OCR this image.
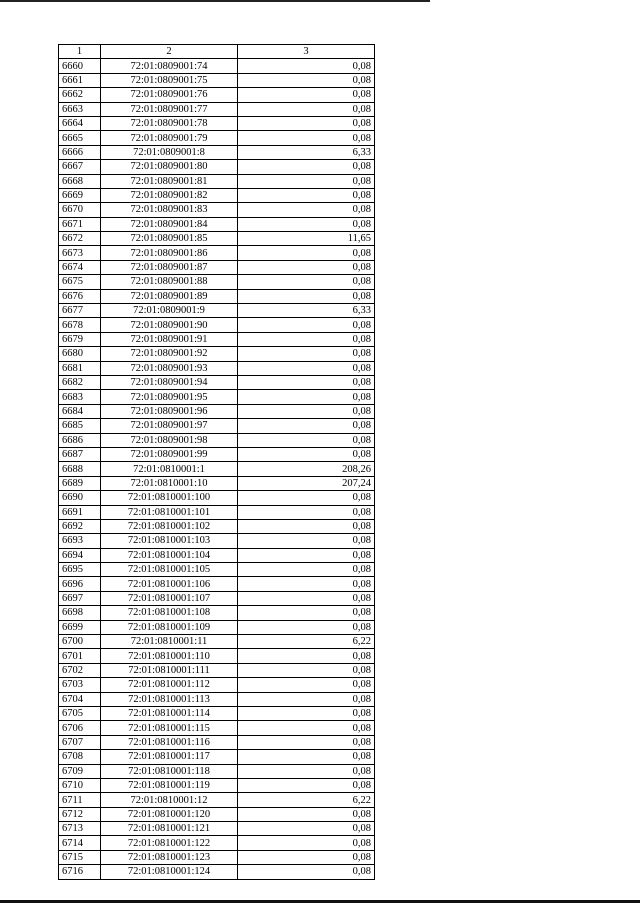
1	2	3
6660	72:01:0809001:74	0,08
6661	72:01:0809001:75	0,08
6662	72:01:0809001:76	0,08
6663	72:01:0809001:77	0,08
6664	72:01:0809001:78	0,08
6665	72:01:0809001:79	0,08
6666	72:01:0809001:8	6,33
6667	72:01:0809001:80	0,08
6668	72:01:0809001:81	0,08
6669	72:01:0809001:82	0,08
6670	72:01:0809001:83	0,08
6671	72:01:0809001:84	0,08
6672	72:01:0809001:85	11,65
6673	72:01:0809001:86	0,08
6674	72:01:0809001:87	0,08
6675	72:01:0809001:88	0,08
6676	72:01:0809001:89	0,08
6677	72:01:0809001:9	6,33
6678	72:01:0809001:90	0,08
6679	72:01:0809001:91	0,08
6680	72:01:0809001:92	0,08
6681	72:01:0809001:93	0,08
6682	72:01:0809001:94	0,08
6683	72:01:0809001:95	0,08
6684	72:01:0809001:96	0,08
6685	72:01:0809001:97	0,08
6686	72:01:0809001:98	0,08
6687	72:01:0809001:99	0,08
6688	72:01:0810001:1	208,26
6689	72:01:0810001:10	207,24
6690	72:01:0810001:100	0,08
6691	72:01:0810001:101	0,08
6692	72:01:0810001:102	0,08
6693	72:01:0810001:103	0,08
6694	72:01:0810001:104	0,08
6695	72:01:0810001:105	0,08
6696	72:01:0810001:106	0,08
6697	72:01:0810001:107	0,08
6698	72:01:0810001:108	0,08
6699	72:01:0810001:109	0,08
6700	72:01:0810001:11	6,22
6701	72:01:0810001:110	0,08
6702	72:01:0810001:111	0,08
6703	72:01:0810001:112	0,08
6704	72:01:0810001:113	0,08
6705	72:01:0810001:114	0,08
6706	72:01:0810001:115	0,08
6707	72:01:0810001:116	0,08
6708	72:01:0810001:117	0,08
6709	72:01:0810001:118	0,08
6710	72:01:0810001:119	0,08
6711	72:01:0810001:12	6,22
6712	72:01:0810001:120	0,08
6713	72:01:0810001:121	0,08
6714	72:01:0810001:122	0,08
6715	72:01:0810001:123	0,08
6716	72:01:0810001:124	0,08
